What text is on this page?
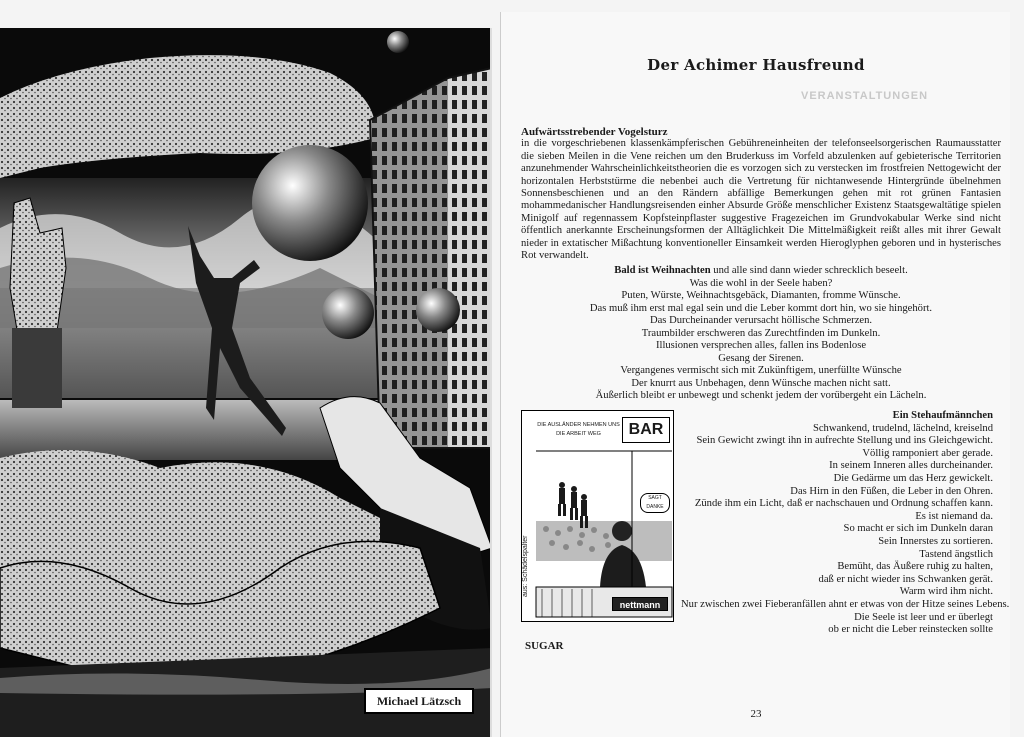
Michael Lätzsch
Der Achimer Hausfreund
VERANSTALTUNGEN
Aufwärtsstrebender Vogelsturz
in die vorgeschriebenen klassenkämpferischen Gebühreneinheiten der telefonseelsorgerischen Raumausstatter die sieben Meilen in die Vene reichen um den Bruderkuss im Vorfeld abzulenken auf gebieterische Territorien anzunehmender Wahrscheinlichkeitstheorien die es vorzogen sich zu verstecken im frostfreien Nettogewicht der horizontalen Herbststürme die nebenbei auch die Vertretung für nichtanwesende Hintergründe übelnehmen Sonnensbeschienen und an den Rändern abfällige Bemerkungen gehen mit rot grünen Fantasien mohammedanischer Handlungsreisenden einher Absurde Größe menschlicher Existenz Staatsgewaltätige spielen Minigolf auf regennassem Kopfsteinpflaster suggestive Fragezeichen im Grundvokabular Werke sind nicht öffentlich anerkannte Erscheinungsformen der Alltäglichkeit Die Mittelmäßigkeit reißt alles mit ihrer Gewalt nieder in extatischer Mißachtung konventioneller Einsamkeit werden Hieroglyphen geboren und in hysterisches Rot verwandelt.
Bald ist Weihnachten und alle sind dann wieder schrecklich beseelt.
Was die wohl in der Seele haben?
Puten, Würste, Weihnachtsgebäck, Diamanten, fromme Wünsche.
Das muß ihm erst mal egal sein und die Leber kommt dort hin, wo sie hingehört.
Das Durcheinander verursacht höllische Schmerzen.
Traumbilder erschweren das Zurechtfinden im Dunkeln.
Illusionen versprechen alles, fallen ins Bodenlose
Gesang der Sirenen.
Vergangenes vermischt sich mit Zukünftigem, unerfüllte Wünsche
Der knurrt aus Unbehagen, denn Wünsche machen nicht satt.
Äußerlich bleibt er unbewegt und schenkt jedem der vorübergeht ein Lächeln.
aus: Schädelspalter
DIE AUSLÄNDER NEHMEN UNS DIE ARBEIT WEG	BAR
SAGT DANKE
nettmann
Ein Stehaufmännchen
Schwankend, trudelnd, lächelnd, kreiselnd
Sein Gewicht zwingt ihn in aufrechte Stellung und ins Gleichgewicht.
Völlig ramponiert aber gerade.
In seinem Inneren alles durcheinander.
Die Gedärme um das Herz gewickelt.
Das Hirn in den Füßen, die Leber in den Ohren.
Zünde ihm ein Licht, daß er nachschauen und Ordnung schaffen kann.
Es ist niemand da.
So macht er sich im Dunkeln daran
Sein Innerstes zu sortieren.
Tastend ängstlich
Bemüht, das Äußere ruhig zu halten,
daß er nicht wieder ins Schwanken gerät.
Warm wird ihm nicht.
Nur zwischen zwei Fieberanfällen ahnt er etwas von der Hitze seines Lebens.
Die Seele ist leer und er überlegt
ob er nicht die Leber reinstecken sollte
SUGAR
23
